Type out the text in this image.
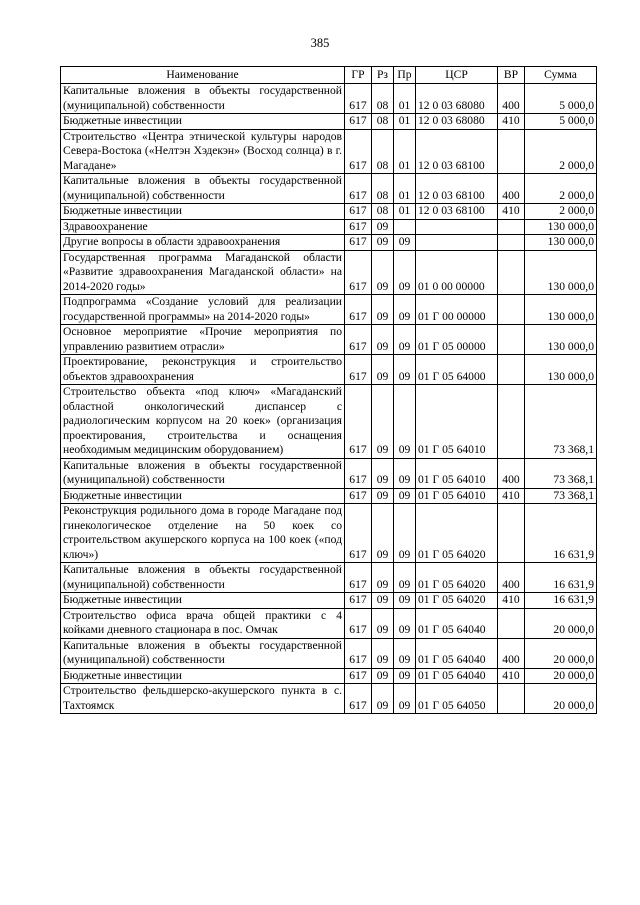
385
Наименование	ГР	Рз	Пр	ЦСР	ВР	Сумма
Капитальные вложения в объекты государственной (муниципальной) собственности	617	08	01	12 0 03 68080	400	5 000,0
Бюджетные инвестиции	617	08	01	12 0 03 68080	410	5 000,0
Строительство «Центра этнической культуры народов Севера-Востока («Нелтэн Хэдекэн» (Восход солнца) в г. Магадане»	617	08	01	12 0 03 68100		2 000,0
Капитальные вложения в объекты государственной (муниципальной) собственности	617	08	01	12 0 03 68100	400	2 000,0
Бюджетные инвестиции	617	08	01	12 0 03 68100	410	2 000,0
Здравоохранение	617	09				130 000,0
Другие вопросы в области здравоохранения	617	09	09			130 000,0
Государственная программа Магаданской области «Развитие здравоохранения Магаданской области» на 2014-2020 годы»	617	09	09	01 0 00 00000		130 000,0
Подпрограмма «Создание условий для реализации государственной программы» на 2014-2020 годы»	617	09	09	01 Г 00 00000		130 000,0
Основное мероприятие «Прочие мероприятия по управлению развитием отрасли»	617	09	09	01 Г 05 00000		130 000,0
Проектирование, реконструкция и строительство объектов здравоохранения	617	09	09	01 Г 05 64000		130 000,0
Строительство объекта «под ключ» «Магаданский областной онкологический диспансер с радиологическим корпусом на 20 коек» (организация проектирования, строительства и оснащения необходимым медицинским оборудованием)	617	09	09	01 Г 05 64010		73 368,1
Капитальные вложения в объекты государственной (муниципальной) собственности	617	09	09	01 Г 05 64010	400	73 368,1
Бюджетные инвестиции	617	09	09	01 Г 05 64010	410	73 368,1
Реконструкция родильного дома в городе Магадане под гинекологическое отделение на 50 коек со строительством акушерского корпуса на 100 коек («под ключ»)	617	09	09	01 Г 05 64020		16 631,9
Капитальные вложения в объекты государственной (муниципальной) собственности	617	09	09	01 Г 05 64020	400	16 631,9
Бюджетные инвестиции	617	09	09	01 Г 05 64020	410	16 631,9
Строительство офиса врача общей практики с 4 койками дневного стационара в пос. Омчак	617	09	09	01 Г 05 64040		20 000,0
Капитальные вложения в объекты государственной (муниципальной) собственности	617	09	09	01 Г 05 64040	400	20 000,0
Бюджетные инвестиции	617	09	09	01 Г 05 64040	410	20 000,0
Строительство фельдшерско-акушерского пункта в с. Тахтоямск	617	09	09	01 Г 05 64050		20 000,0
